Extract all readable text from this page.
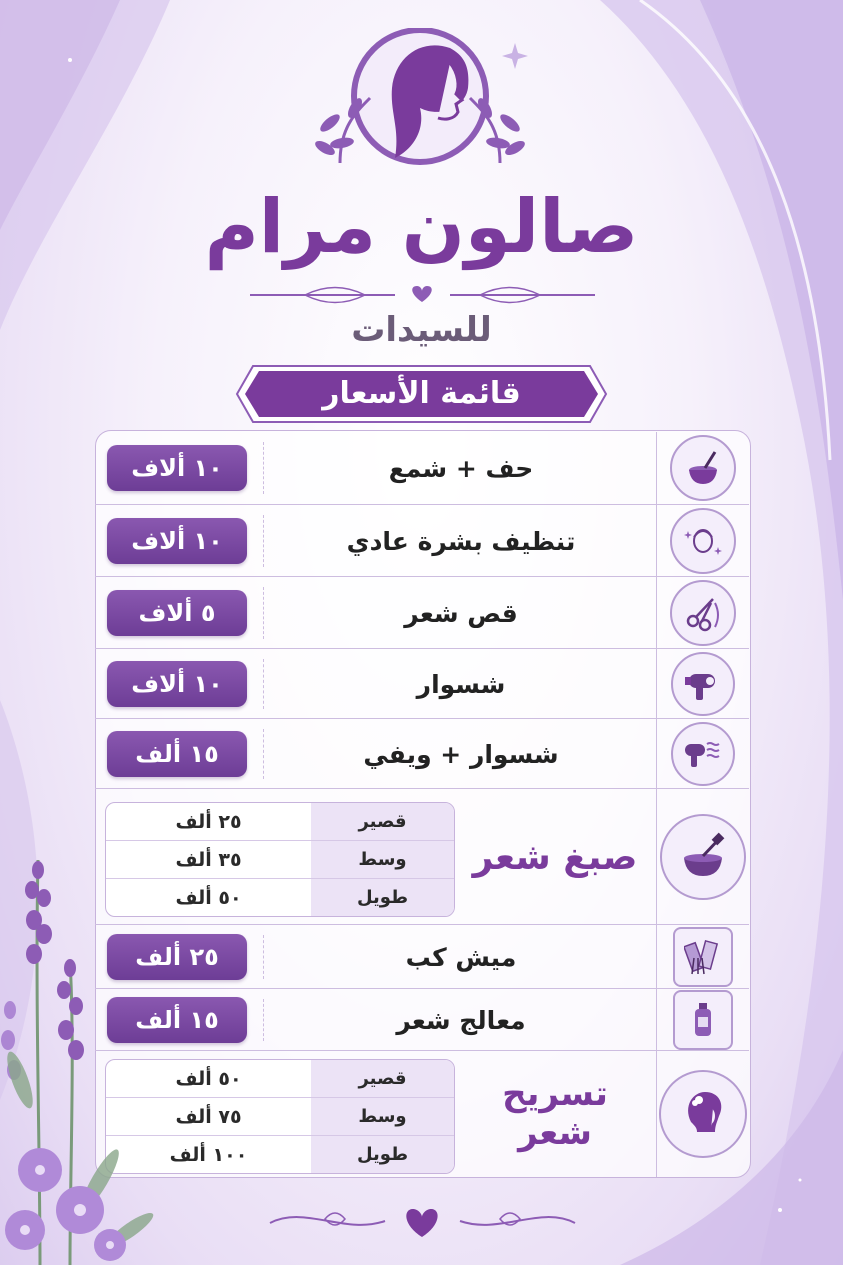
صالون مرام
للسيدات
قائمة الأسعار
حف + شمع
١٠ ألاف
تنظيف بشرة عادي
١٠ ألاف
قص شعر
٥ ألاف
شسوار
١٠ ألاف
شسوار + ويفي
١٥ ألف
صبغ شعر
قصير
٢٥ ألف
وسط
٣٥ ألف
طويل
٥٠ ألف
ميش كب
٢٥ ألف
معالج شعر
١٥ ألف
تسريح
شعر
قصير
٥٠ ألف
وسط
٧٥ ألف
طويل
١٠٠ ألف
